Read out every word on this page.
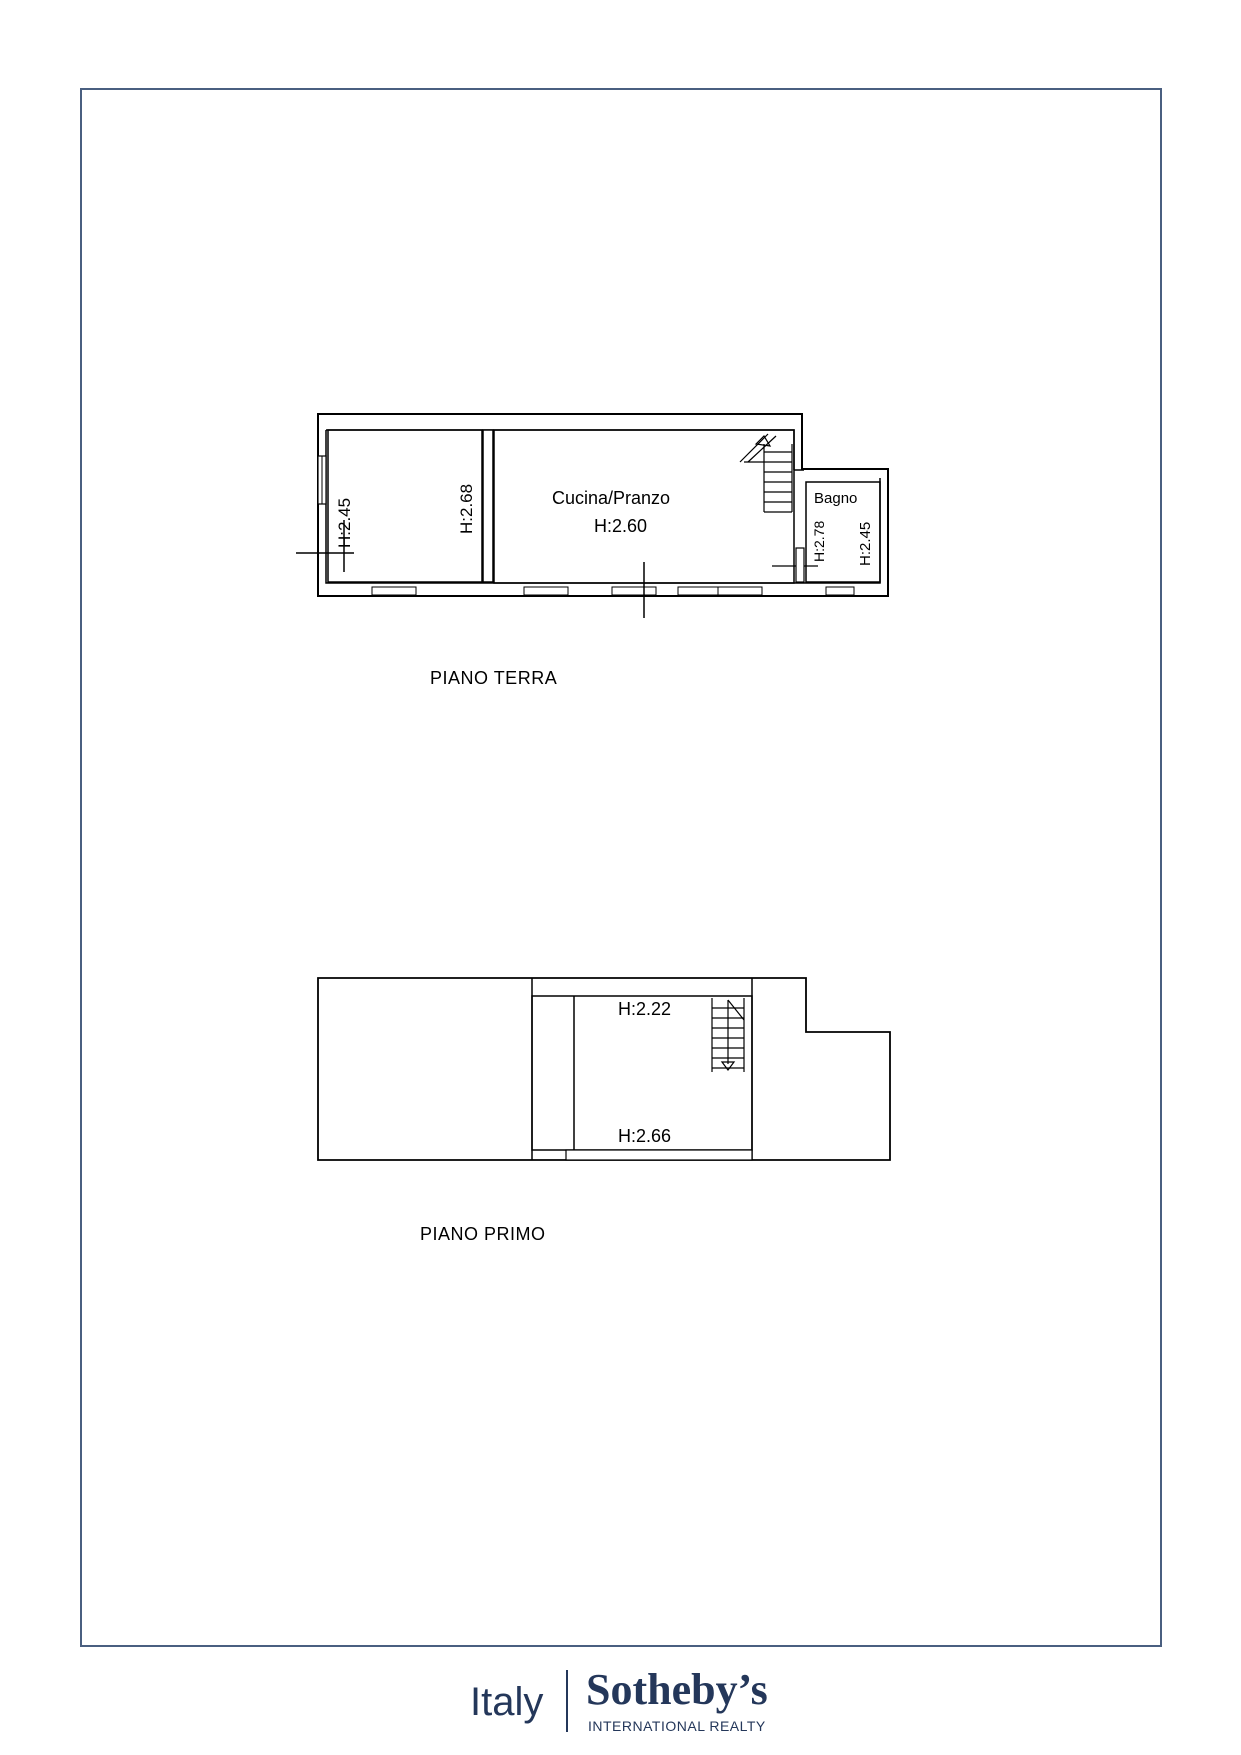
H:2.45	H:2.68	Cucina/Pranzo
H:2.60	H:2.78
Bagno
H:2.45
PIANO TERRA
H:2.22
H:2.66
PIANO PRIMO
Italy Sotheby’s
INTERNATIONAL REALTY
